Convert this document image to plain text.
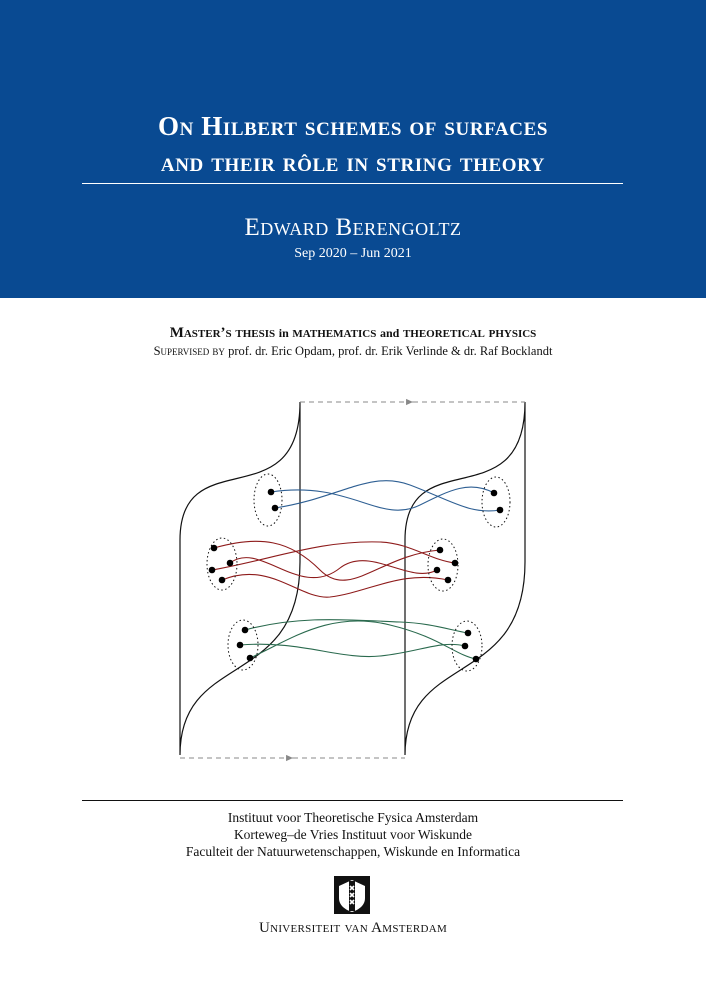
On Hilbert schemes of surfaces
and their rôle in string theory
Edward Berengoltz
Sep 2020 – Jun 2021
Master’s thesis in mathematics and theoretical physics
Supervised by prof. dr. Eric Opdam, prof. dr. Erik Verlinde & dr. Raf Bocklandt
Instituut voor Theoretische Fysica Amsterdam
Korteweg–de Vries Instituut voor Wiskunde
Faculteit der Natuurwetenschappen, Wiskunde en Informatica
Universiteit van Amsterdam
